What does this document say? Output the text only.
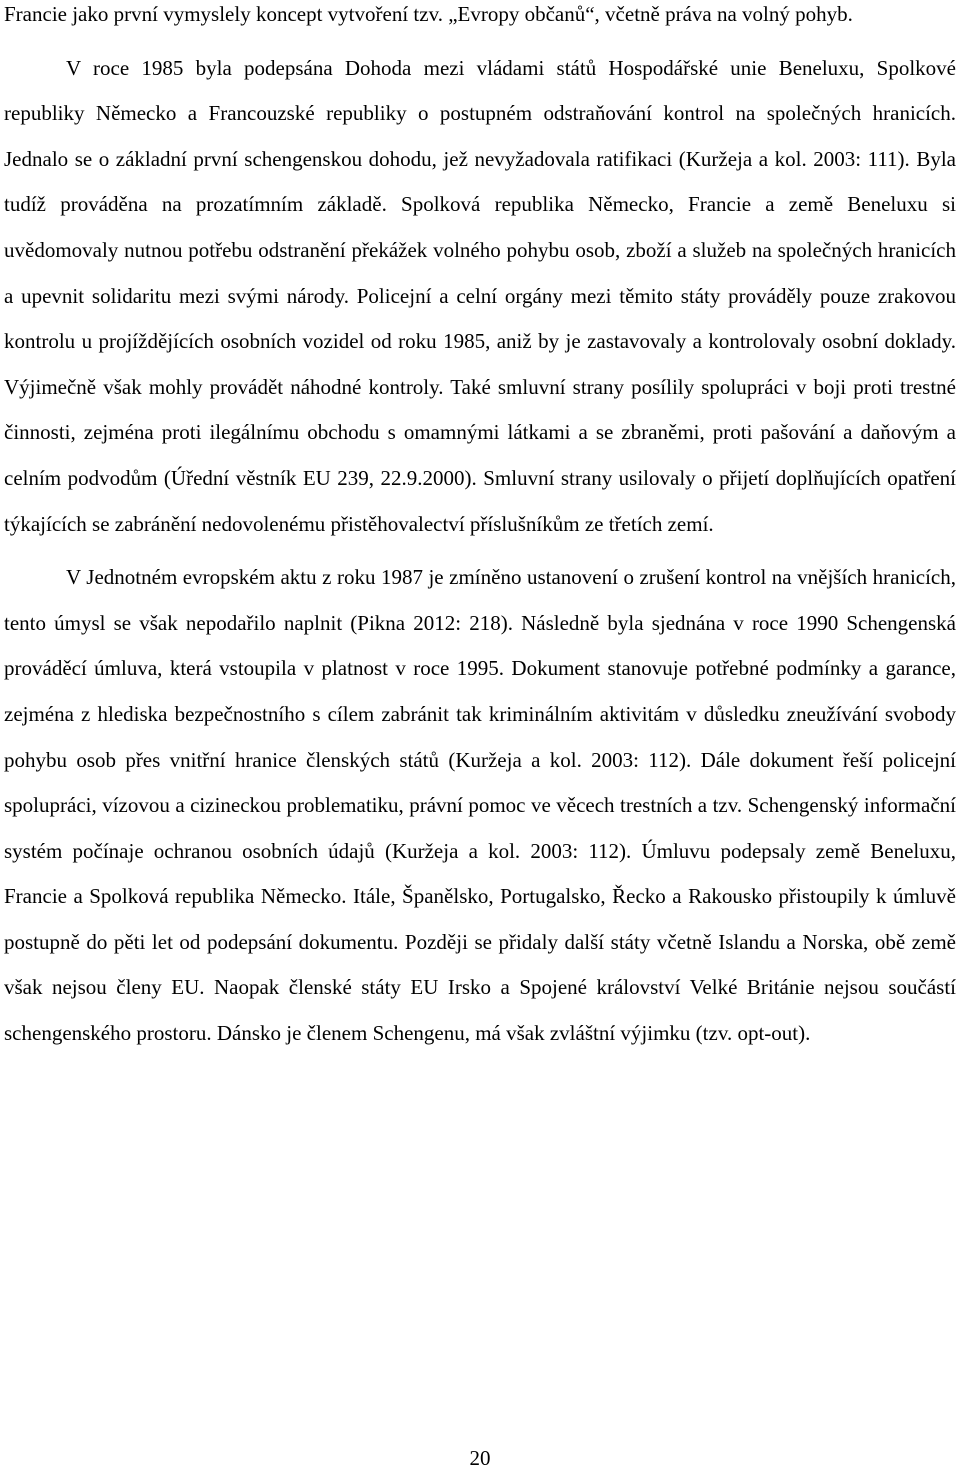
Francie jako první vymyslely koncept vytvoření tzv. „Evropy občanů“, včetně práva na volný pohyb.

V roce 1985 byla podepsána Dohoda mezi vládami států Hospodářské unie Beneluxu, Spolkové republiky Německo a Francouzské republiky o postupném odstraňování kontrol na společných hranicích. Jednalo se o základní první schengenskou dohodu, jež nevyžadovala ratifikaci (Kuržeja a kol. 2003: 111). Byla tudíž prováděna na prozatímním základě. Spolková republika Německo, Francie a země Beneluxu si uvědomovaly nutnou potřebu odstranění překážek volného pohybu osob, zboží a služeb na společných hranicích a upevnit solidaritu mezi svými národy. Policejní a celní orgány mezi těmito státy prováděly pouze zrakovou kontrolu u projíždějících osobních vozidel od roku 1985, aniž by je zastavovaly a kontrolovaly osobní doklady. Výjimečně však mohly provádět náhodné kontroly. Také smluvní strany posílily spolupráci v boji proti trestné činnosti, zejména proti ilegálnímu obchodu s omamnými látkami a se zbraněmi, proti pašování a daňovým a celním podvodům (Úřední věstník EU 239, 22.9.2000). Smluvní strany usilovaly o přijetí doplňujících opatření týkajících se zabránění nedovolenému přistěhovalectví příslušníkům ze třetích zemí.

V Jednotném evropském aktu z roku 1987 je zmíněno ustanovení o zrušení kontrol na vnějších hranicích, tento úmysl se však nepodařilo naplnit (Pikna 2012: 218). Následně byla sjednána v roce 1990 Schengenská prováděcí úmluva, která vstoupila v platnost v roce 1995. Dokument stanovuje potřebné podmínky a garance, zejména z hlediska bezpečnostního s cílem zabránit tak kriminálním aktivitám v důsledku zneužívání svobody pohybu osob přes vnitřní hranice členských států (Kuržeja a kol. 2003: 112). Dále dokument řeší policejní spolupráci, vízovou a cizineckou problematiku, právní pomoc ve věcech trestních a tzv. Schengenský informační systém počínaje ochranou osobních údajů (Kuržeja a kol. 2003: 112). Úmluvu podepsaly země Beneluxu, Francie a Spolková republika Německo. Itále, Španělsko, Portugalsko, Řecko a Rakousko přistoupily k úmluvě postupně do pěti let od podepsání dokumentu. Později se přidaly další státy včetně Islandu a Norska, obě země však nejsou členy EU. Naopak členské státy EU Irsko a Spojené království Velké Británie nejsou součástí schengenského prostoru. Dánsko je členem Schengenu, má však zvláštní výjimku (tzv. opt-out).

20
